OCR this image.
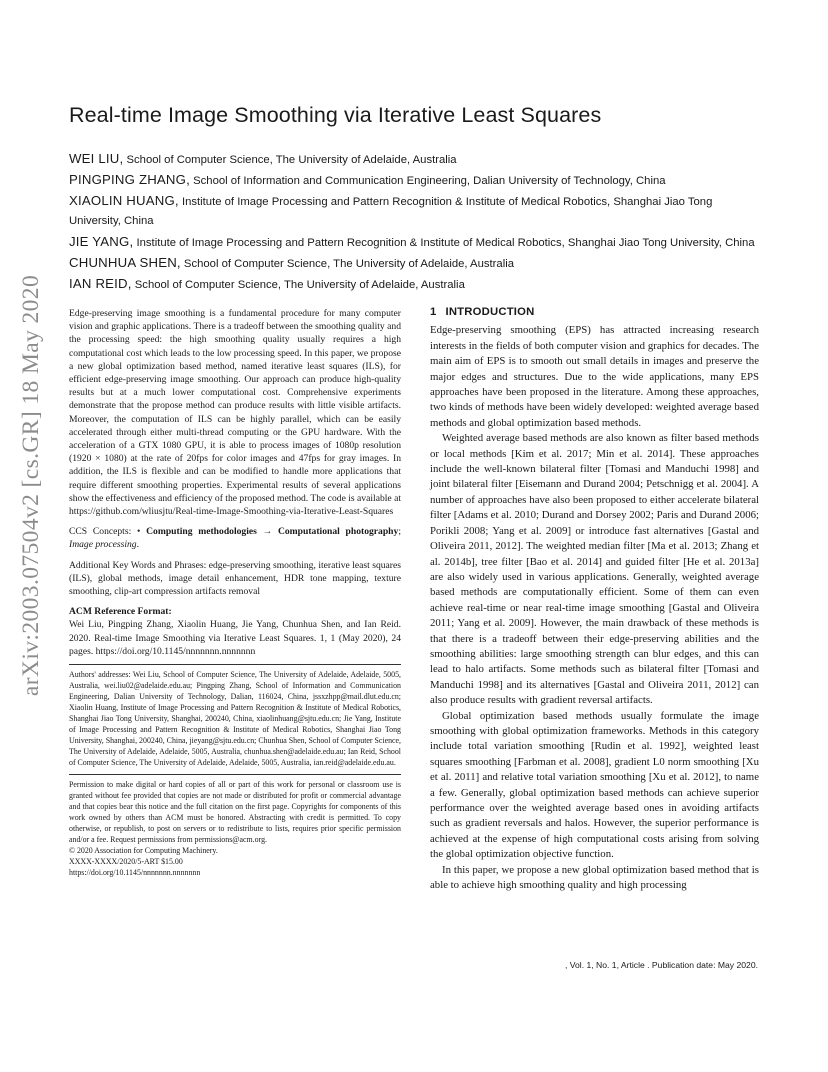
arXiv:2003.07504v2 [cs.GR] 18 May 2020
Real-time Image Smoothing via Iterative Least Squares

WEI LIU, School of Computer Science, The University of Adelaide, Australia

PINGPING ZHANG, School of Information and Communication Engineering, Dalian University of Technology, China

XIAOLIN HUANG, Institute of Image Processing and Pattern Recognition & Institute of Medical Robotics, Shanghai Jiao Tong University, China

JIE YANG, Institute of Image Processing and Pattern Recognition & Institute of Medical Robotics, Shanghai Jiao Tong University, China

CHUNHUA SHEN, School of Computer Science, The University of Adelaide, Australia

IAN REID, School of Computer Science, The University of Adelaide, Australia

Edge-preserving image smoothing is a fundamental procedure for many computer vision and graphic applications. There is a tradeoff between the smoothing quality and the processing speed: the high smoothing quality usually requires a high computational cost which leads to the low processing speed. In this paper, we propose a new global optimization based method, named iterative least squares (ILS), for efficient edge-preserving image smoothing. Our approach can produce high-quality results but at a much lower computational cost. Comprehensive experiments demonstrate that the propose method can produce results with little visible artifacts. Moreover, the computation of ILS can be highly parallel, which can be easily accelerated through either multi-thread computing or the GPU hardware. With the acceleration of a GTX 1080 GPU, it is able to process images of 1080p resolution (1920 × 1080) at the rate of 20fps for color images and 47fps for gray images. In addition, the ILS is flexible and can be modified to handle more applications that require different smoothing properties. Experimental results of several applications show the effectiveness and efficiency of the proposed method. The code is available at https://github.com/wliusjtu/Real-time-Image-Smoothing-via-Iterative-Least-Squares

CCS Concepts: • Computing methodologies → Computational photography; Image processing.

Additional Key Words and Phrases: edge-preserving smoothing, iterative least squares (ILS), global methods, image detail enhancement, HDR tone mapping, texture smoothing, clip-art compression artifacts removal

ACM Reference Format:

Wei Liu, Pingping Zhang, Xiaolin Huang, Jie Yang, Chunhua Shen, and Ian Reid. 2020. Real-time Image Smoothing via Iterative Least Squares. 1, 1 (May 2020), 24 pages. https://doi.org/10.1145/nnnnnnn.nnnnnnn

Authors' addresses: Wei Liu, School of Computer Science, The University of Adelaide, Adelaide, 5005, Australia, wei.liu02@adelaide.edu.au; Pingping Zhang, School of Information and Communication Engineering, Dalian University of Technology, Dalian, 116024, China, jssxzhpp@mail.dlut.edu.cn; Xiaolin Huang, Institute of Image Processing and Pattern Recognition & Institute of Medical Robotics, Shanghai Jiao Tong University, Shanghai, 200240, China, xiaolinhuang@sjtu.edu.cn; Jie Yang, Institute of Image Processing and Pattern Recognition & Institute of Medical Robotics, Shanghai Jiao Tong University, Shanghai, 200240, China, jieyang@sjtu.edu.cn; Chunhua Shen, School of Computer Science, The University of Adelaide, Adelaide, 5005, Australia, chunhua.shen@adelaide.edu.au; Ian Reid, School of Computer Science, The University of Adelaide, Adelaide, 5005, Australia, ian.reid@adelaide.edu.au.

Permission to make digital or hard copies of all or part of this work for personal or classroom use is granted without fee provided that copies are not made or distributed for profit or commercial advantage and that copies bear this notice and the full citation on the first page. Copyrights for components of this work owned by others than ACM must be honored. Abstracting with credit is permitted. To copy otherwise, or republish, to post on servers or to redistribute to lists, requires prior specific permission and/or a fee. Request permissions from permissions@acm.org.

© 2020 Association for Computing Machinery.

XXXX-XXXX/2020/5-ART $15.00

https://doi.org/10.1145/nnnnnnn.nnnnnnn

1 INTRODUCTION

Edge-preserving smoothing (EPS) has attracted increasing research interests in the fields of both computer vision and graphics for decades. The main aim of EPS is to smooth out small details in images and preserve the major edges and structures. Due to the wide applications, many EPS approaches have been proposed in the literature. Among these approaches, two kinds of methods have been widely developed: weighted average based methods and global optimization based methods.

Weighted average based methods are also known as filter based methods or local methods [Kim et al. 2017; Min et al. 2014]. These approaches include the well-known bilateral filter [Tomasi and Manduchi 1998] and joint bilateral filter [Eisemann and Durand 2004; Petschnigg et al. 2004]. A number of approaches have also been proposed to either accelerate bilateral filter [Adams et al. 2010; Durand and Dorsey 2002; Paris and Durand 2006; Porikli 2008; Yang et al. 2009] or introduce fast alternatives [Gastal and Oliveira 2011, 2012]. The weighted median filter [Ma et al. 2013; Zhang et al. 2014b], tree filter [Bao et al. 2014] and guided filter [He et al. 2013a] are also widely used in various applications. Generally, weighted average based methods are computationally efficient. Some of them can even achieve real-time or near real-time image smoothing [Gastal and Oliveira 2011; Yang et al. 2009]. However, the main drawback of these methods is that there is a tradeoff between their edge-preserving abilities and the smoothing abilities: large smoothing strength can blur edges, and this can lead to halo artifacts. Some methods such as bilateral filter [Tomasi and Manduchi 1998] and its alternatives [Gastal and Oliveira 2011, 2012] can also produce results with gradient reversal artifacts.

Global optimization based methods usually formulate the image smoothing with global optimization frameworks. Methods in this category include total variation smoothing [Rudin et al. 1992], weighted least squares smoothing [Farbman et al. 2008], gradient L0 norm smoothing [Xu et al. 2011] and relative total variation smoothing [Xu et al. 2012], to name a few. Generally, global optimization based methods can achieve superior performance over the weighted average based ones in avoiding artifacts such as gradient reversals and halos. However, the superior performance is achieved at the expense of high computational costs arising from solving the global optimization objective function.

In this paper, we propose a new global optimization based method that is able to achieve high smoothing quality and high processing

, Vol. 1, No. 1, Article . Publication date: May 2020.
